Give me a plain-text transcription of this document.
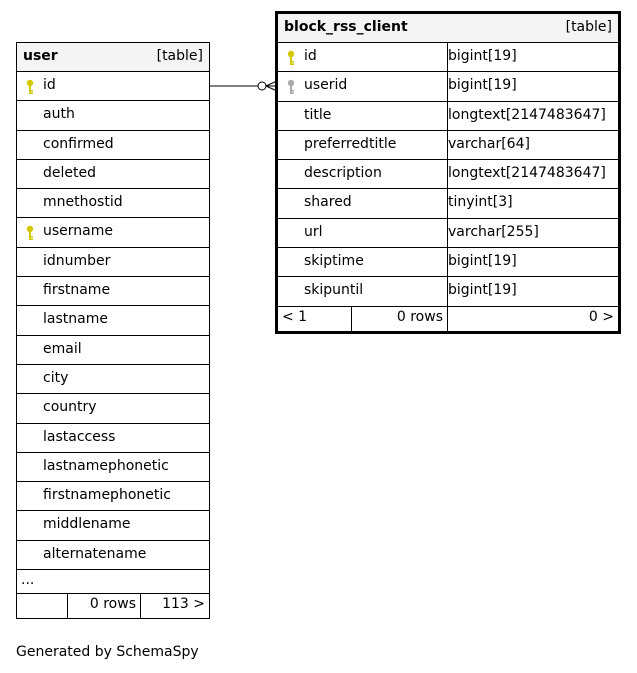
user	[table]
id
auth
confirmed
deleted
mnethostid
username
idnumber
firstname
lastname
email
city
country
lastaccess
lastnamephonetic
firstnamephonetic
middlename
alternatename
...
0 rows 113 >
block_rss_client	[table]
id	bigint[19]
userid	bigint[19]
title	longtext[2147483647]
preferredtitle	varchar[64]
description	longtext[2147483647]
shared	tinyint[3]
url	varchar[255]
skiptime	bigint[19]
skipuntil	bigint[19]
< 1	0 rows	0 >
Generated by SchemaSpy
